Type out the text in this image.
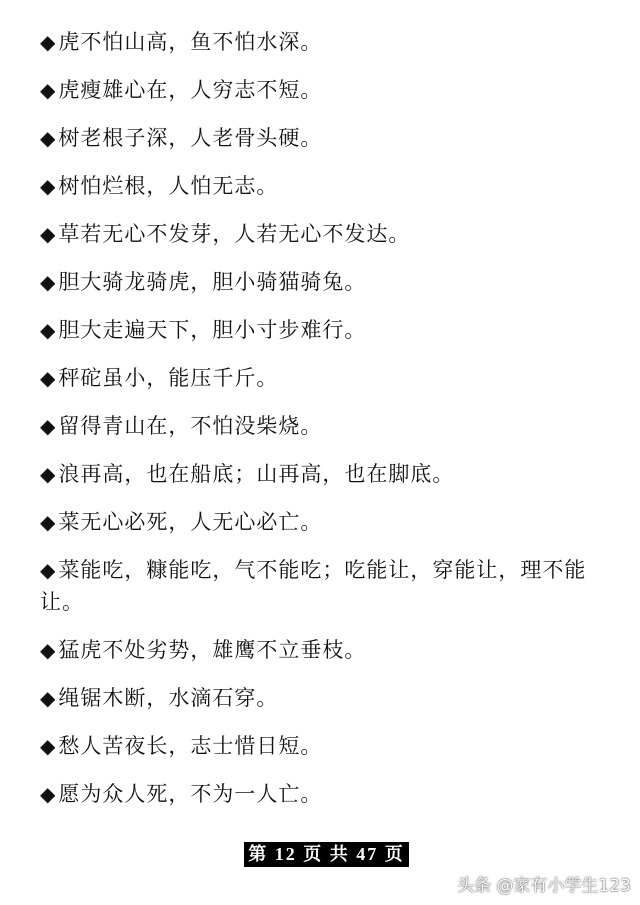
◆虎不怕山高，鱼不怕水深。
◆虎瘦雄心在，人穷志不短。
◆树老根子深，人老骨头硬。
◆树怕烂根，人怕无志。
◆草若无心不发芽，人若无心不发达。
◆胆大骑龙骑虎，胆小骑猫骑兔。
◆胆大走遍天下，胆小寸步难行。
◆秤砣虽小，能压千斤。
◆留得青山在，不怕没柴烧。
◆浪再高，也在船底；山再高，也在脚底。
◆菜无心必死，人无心必亡。
◆菜能吃，糠能吃，气不能吃；吃能让，穿能让，理不能让。
◆猛虎不处劣势，雄鹰不立垂枝。
◆绳锯木断，水滴石穿。
◆愁人苦夜长，志士惜日短。
◆愿为众人死，不为一人亡。
第 12 页 共 47 页
头条 @家有小学生123
